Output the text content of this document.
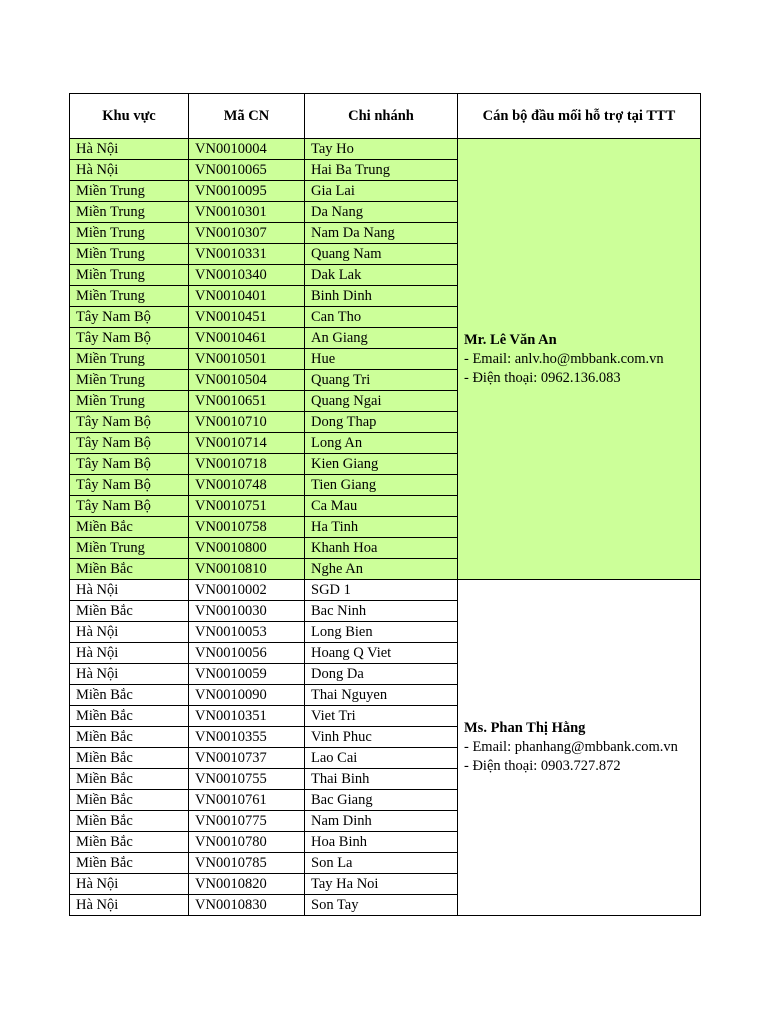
Khu vực	Mã CN	Chi nhánh	Cán bộ đầu mối hỗ trợ tại TTT
Hà Nội	VN0010004	Tay Ho	Mr. Lê Văn An
- Email: anlv.ho@mbbank.com.vn
- Điện thoại: 0962.136.083

Hà Nội	VN0010065	Hai Ba Trung	
Miền Trung	VN0010095	Gia Lai	
Miền Trung	VN0010301	Da Nang	
Miền Trung	VN0010307	Nam Da Nang	
Miền Trung	VN0010331	Quang Nam	
Miền Trung	VN0010340	Dak Lak	
Miền Trung	VN0010401	Binh Dinh	
Tây Nam Bộ	VN0010451	Can Tho	
Tây Nam Bộ	VN0010461	An Giang	
Miền Trung	VN0010501	Hue	
Miền Trung	VN0010504	Quang Tri	
Miền Trung	VN0010651	Quang Ngai	
Tây Nam Bộ	VN0010710	Dong Thap	
Tây Nam Bộ	VN0010714	Long An	
Tây Nam Bộ	VN0010718	Kien Giang	
Tây Nam Bộ	VN0010748	Tien Giang	
Tây Nam Bộ	VN0010751	Ca Mau	
Miền Bắc	VN0010758	Ha Tinh	
Miền Trung	VN0010800	Khanh Hoa	
Miền Bắc	VN0010810	Nghe An	
Hà Nội	VN0010002	SGD 1	Ms. Phan Thị Hằng
- Email: phanhang@mbbank.com.vn
- Điện thoại: 0903.727.872

Miền Bắc	VN0010030	Bac Ninh	
Hà Nội	VN0010053	Long Bien	
Hà Nội	VN0010056	Hoang Q Viet	
Hà Nội	VN0010059	Dong Da	
Miền Bắc	VN0010090	Thai Nguyen	
Miền Bắc	VN0010351	Viet Tri	
Miền Bắc	VN0010355	Vinh Phuc	
Miền Bắc	VN0010737	Lao Cai	
Miền Bắc	VN0010755	Thai Binh	
Miền Bắc	VN0010761	Bac Giang	
Miền Bắc	VN0010775	Nam Dinh	
Miền Bắc	VN0010780	Hoa Binh	
Miền Bắc	VN0010785	Son La	
Hà Nội	VN0010820	Tay Ha Noi	
Hà Nội	VN0010830	Son Tay	
